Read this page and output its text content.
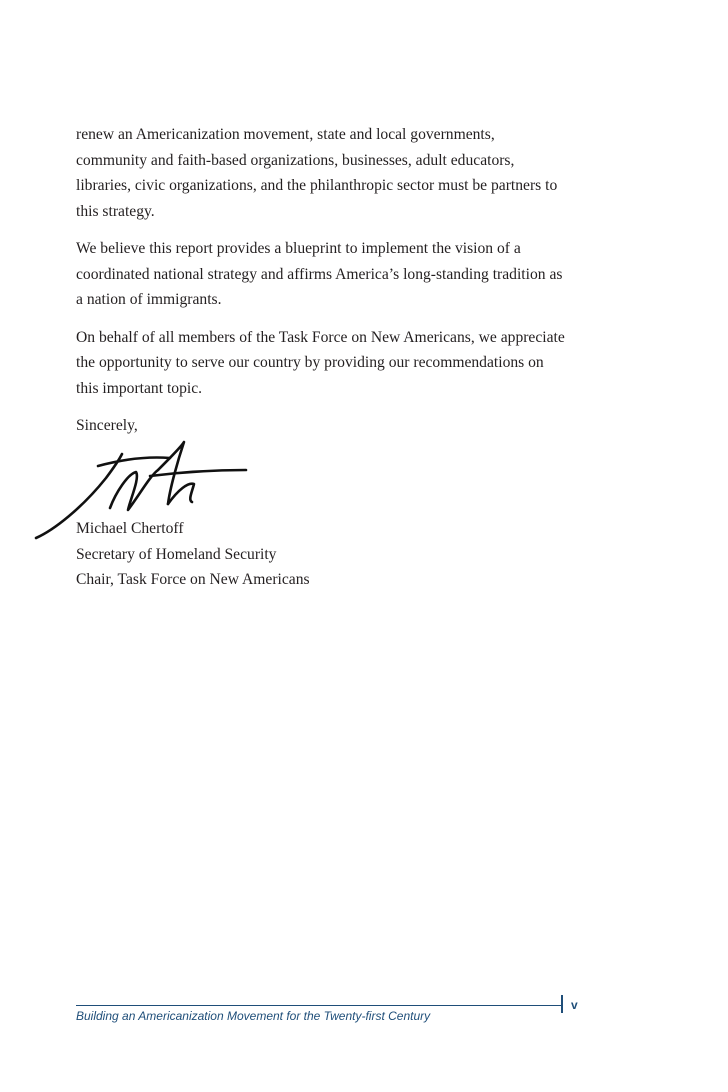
renew an Americanization movement, state and local governments, community and faith-based organizations, businesses, adult educators, libraries, civic organizations, and the philanthropic sector must be partners to this strategy.

We believe this report provides a blueprint to implement the vision of a coordinated national strategy and affirms America’s long-standing tradition as a nation of immigrants.

On behalf of all members of the Task Force on New Americans, we appreciate the opportunity to serve our country by providing our recommendations on this important topic.

Sincerely,

Michael Chertoff
Secretary of Homeland Security
Chair, Task Force on New Americans
v
Building an Americanization Movement for the Twenty-first Century
